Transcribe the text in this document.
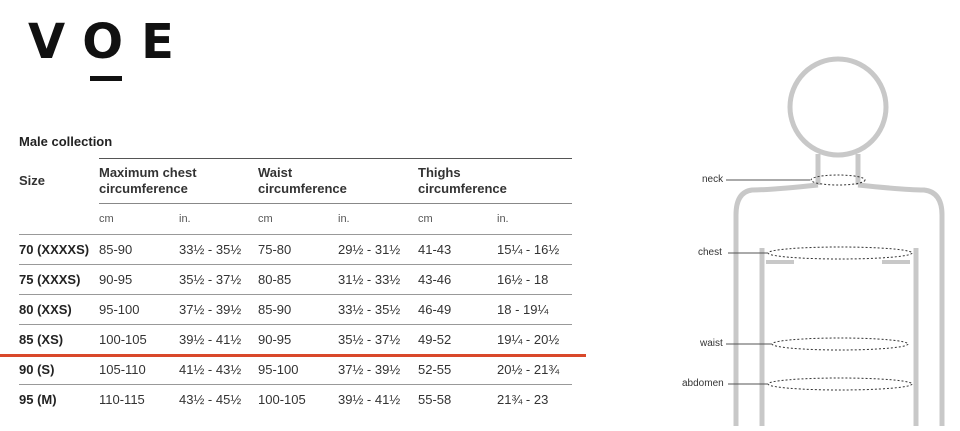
VOE
Male collection
Size	Maximum chest circumference		Waist circumference		Thighs circumference	

	cm	in.	cm	in.	cm	in.
70 (XXXXS)	85-90	33½ - 35½	75-80	29½ - 31½	41-43	15¼ - 16½
75 (XXXS)	90-95	35½ - 37½	80-85	31½ - 33½	43-46	16½ - 18
80 (XXS)	95-100	37½ - 39½	85-90	33½ - 35½	46-49	18 - 19¼
85 (XS)	100-105	39½ - 41½	90-95	35½ - 37½	49-52	19¼ - 20½
90 (S)	105-110	41½ - 43½	95-100	37½ - 39½	52-55	20½ - 21¾
95 (M)	110-115	43½ - 45½	100-105	39½ - 41½	55-58	21¾ - 23
neck
chest
waist
abdomen
